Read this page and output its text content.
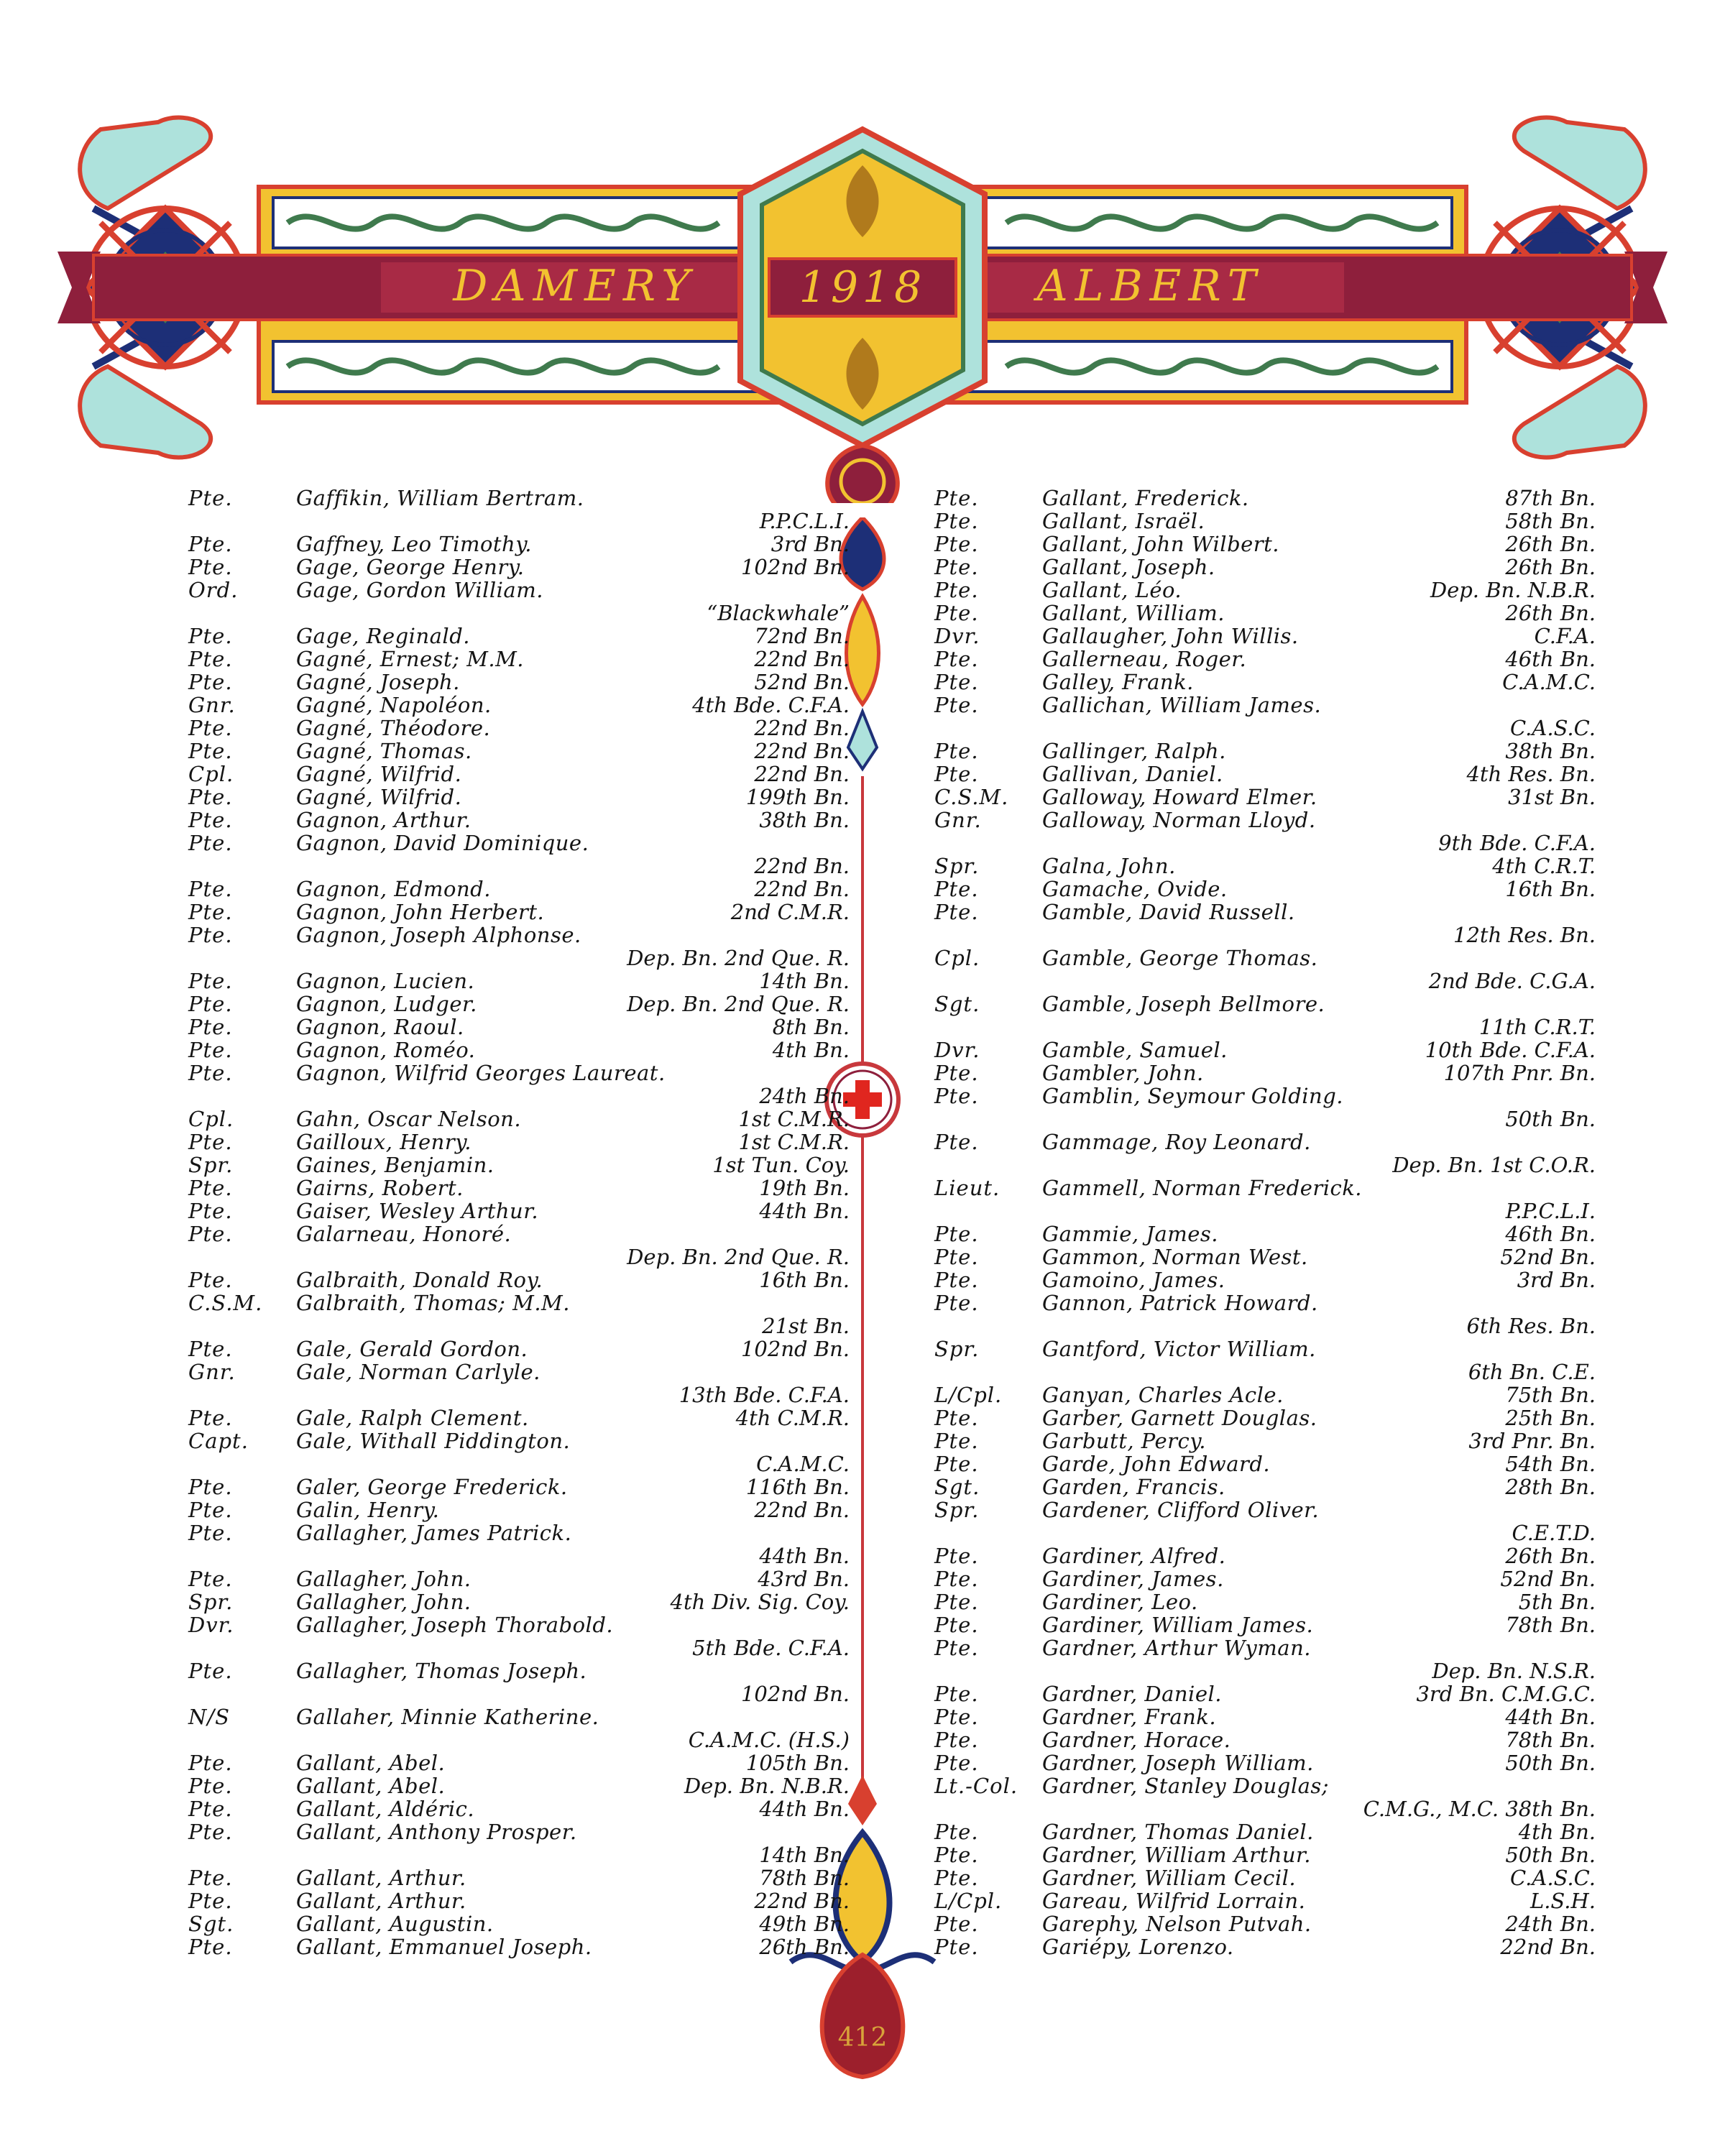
DAMERY 1918	ALBERT
412
Pte.	Gaffikin, William Bertram.
P.P.C.L.I.
Pte.	Gaffney, Leo Timothy.	3rd Bn.
Pte.	Gage, George Henry.	102nd Bn.
Ord.	Gage, Gordon William.
“Blackwhale”
Pte.	Gage, Reginald.	72nd Bn.
Pte.	Gagné, Ernest; M.M.	22nd Bn.
Pte.	Gagné, Joseph.	52nd Bn.
Gnr.	Gagné, Napoléon.	4th Bde. C.F.A.
Pte.	Gagné, Théodore.	22nd Bn.
Pte.	Gagné, Thomas.	22nd Bn.
Cpl.	Gagné, Wilfrid.	22nd Bn.
Pte.	Gagné, Wilfrid.	199th Bn.
Pte.	Gagnon, Arthur.	38th Bn.
Pte.	Gagnon, David Dominique.
22nd Bn.
Pte.	Gagnon, Edmond.	22nd Bn.
Pte.	Gagnon, John Herbert.	2nd C.M.R.
Pte.	Gagnon, Joseph Alphonse.
Dep. Bn. 2nd Que. R.
Pte.	Gagnon, Lucien.	14th Bn.
Pte.	Gagnon, Ludger.	Dep. Bn. 2nd Que. R.
Pte.	Gagnon, Raoul.	8th Bn.
Pte.	Gagnon, Roméo.	4th Bn.
Pte.	Gagnon, Wilfrid Georges Laureat.
24th Bn.
Cpl.	Gahn, Oscar Nelson.	1st C.M.R.
Pte.	Gailloux, Henry.	1st C.M.R.
Spr.	Gaines, Benjamin.	1st Tun. Coy.
Pte.	Gairns, Robert.	19th Bn.
Pte.	Gaiser, Wesley Arthur.	44th Bn.
Pte.	Galarneau, Honoré.
Dep. Bn. 2nd Que. R.
Pte.	Galbraith, Donald Roy.	16th Bn.
C.S.M. Galbraith, Thomas; M.M.
21st Bn.
Pte.	Gale, Gerald Gordon.	102nd Bn.
Gnr.	Gale, Norman Carlyle.
13th Bde. C.F.A.
Pte.	Gale, Ralph Clement.	4th C.M.R.
Capt. Gale, Withall Piddington.
C.A.M.C.
Pte.	Galer, George Frederick.	116th Bn.
Pte.	Galin, Henry.	22nd Bn.
Pte.	Gallagher, James Patrick.
44th Bn.
Pte.	Gallagher, John.	43rd Bn.
Spr.	Gallagher, John.	4th Div. Sig. Coy.
Dvr.	Gallagher, Joseph Thorabold.
5th Bde. C.F.A.
Pte.	Gallagher, Thomas Joseph.
102nd Bn.
N/S	Gallaher, Minnie Katherine.
C.A.M.C. (H.S.)
Pte.	Gallant, Abel.	105th Bn.
Pte.	Gallant, Abel.	Dep. Bn. N.B.R.
Pte.	Gallant, Aldéric.	44th Bn.
Pte.	Gallant, Anthony Prosper.
14th Bn.
Pte.	Gallant, Arthur.	78th Bn.
Pte.	Gallant, Arthur.	22nd Bn.
Sgt.	Gallant, Augustin.	49th Bn.
Pte.	Gallant, Emmanuel Joseph.	26th Bn.
Pte.	Gallant, Frederick.	87th Bn.
Pte.	Gallant, Israël.	58th Bn.
Pte.	Gallant, John Wilbert.	26th Bn.
Pte.	Gallant, Joseph.	26th Bn.
Pte.	Gallant, Léo.	Dep. Bn. N.B.R.
Pte.	Gallant, William.	26th Bn.
Dvr.	Gallaugher, John Willis.	C.F.A.
Pte.	Gallerneau, Roger.	46th Bn.
Pte.	Galley, Frank.	C.A.M.C.
Pte.	Gallichan, William James.
C.A.S.C.
Pte.	Gallinger, Ralph.	38th Bn.
Pte.	Gallivan, Daniel.	4th Res. Bn.
C.S.M. Galloway, Howard Elmer.	31st Bn.
Gnr.	Galloway, Norman Lloyd.
9th Bde. C.F.A.
Spr.	Galna, John.	4th C.R.T.
Pte.	Gamache, Ovide.	16th Bn.
Pte.	Gamble, David Russell.
12th Res. Bn.
Cpl.	Gamble, George Thomas.
2nd Bde. C.G.A.
Sgt.	Gamble, Joseph Bellmore.
11th C.R.T.
Dvr.	Gamble, Samuel.	10th Bde. C.F.A.
Pte.	Gambler, John.	107th Pnr. Bn.
Pte.	Gamblin, Seymour Golding.
50th Bn.
Pte.	Gammage, Roy Leonard.
Dep. Bn. 1st C.O.R.
Lieut. Gammell, Norman Frederick.
P.P.C.L.I.
Pte.	Gammie, James.	46th Bn.
Pte.	Gammon, Norman West.	52nd Bn.
Pte.	Gamoino, James.	3rd Bn.
Pte.	Gannon, Patrick Howard.
6th Res. Bn.
Spr.	Gantford, Victor William.
6th Bn. C.E.
L/Cpl. Ganyan, Charles Acle.	75th Bn.
Pte.	Garber, Garnett Douglas.	25th Bn.
Pte.	Garbutt, Percy.	3rd Pnr. Bn.
Pte.	Garde, John Edward.	54th Bn.
Sgt.	Garden, Francis.	28th Bn.
Spr.	Gardener, Clifford Oliver.
C.E.T.D.
Pte.	Gardiner, Alfred.	26th Bn.
Pte.	Gardiner, James.	52nd Bn.
Pte.	Gardiner, Leo.	5th Bn.
Pte.	Gardiner, William James.	78th Bn.
Pte.	Gardner, Arthur Wyman.
Dep. Bn. N.S.R.
Pte.	Gardner, Daniel.	3rd Bn. C.M.G.C.
Pte.	Gardner, Frank.	44th Bn.
Pte.	Gardner, Horace.	78th Bn.
Pte.	Gardner, Joseph William.	50th Bn.
Lt.-Col. Gardner, Stanley Douglas;
C.M.G., M.C. 38th Bn.
Pte.	Gardner, Thomas Daniel.	4th Bn.
Pte.	Gardner, William Arthur.	50th Bn.
Pte.	Gardner, William Cecil.	C.A.S.C.
L/Cpl. Gareau, Wilfrid Lorrain.	L.S.H.
Pte.	Garephy, Nelson Putvah.	24th Bn.
Pte.	Gariépy, Lorenzo.	22nd Bn.
